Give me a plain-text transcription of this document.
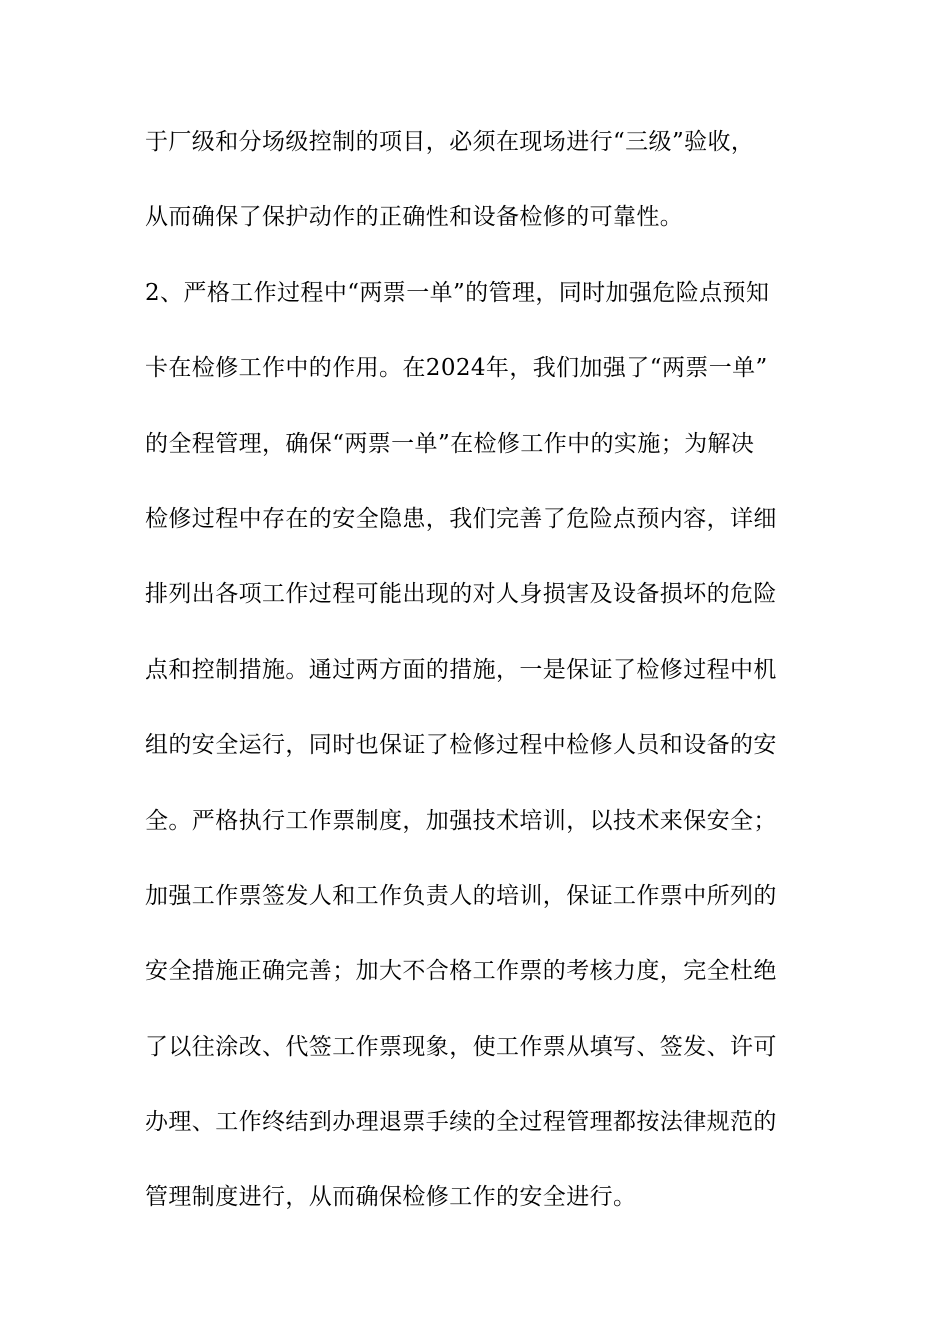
于厂级和分场级控制的项目，必须在现场进行“三级”验收，
从而确保了保护动作的正确性和设备检修的可靠性。
2、严格工作过程中“两票一单”的管理，同时加强危险点预知
卡在检修工作中的作用。在2024年，我们加强了“两票一单”
的全程管理，确保“两票一单”在检修工作中的实施；为解决
检修过程中存在的安全隐患，我们完善了危险点预内容，详细
排列出各项工作过程可能出现的对人身损害及设备损坏的危险
点和控制措施。通过两方面的措施，一是保证了检修过程中机
组的安全运行，同时也保证了检修过程中检修人员和设备的安
全。严格执行工作票制度，加强技术培训，以技术来保安全；
加强工作票签发人和工作负责人的培训，保证工作票中所列的
安全措施正确完善；加大不合格工作票的考核力度，完全杜绝
了以往涂改、代签工作票现象，使工作票从填写、签发、许可
办理、工作终结到办理退票手续的全过程管理都按法律规范的
管理制度进行，从而确保检修工作的安全进行。
